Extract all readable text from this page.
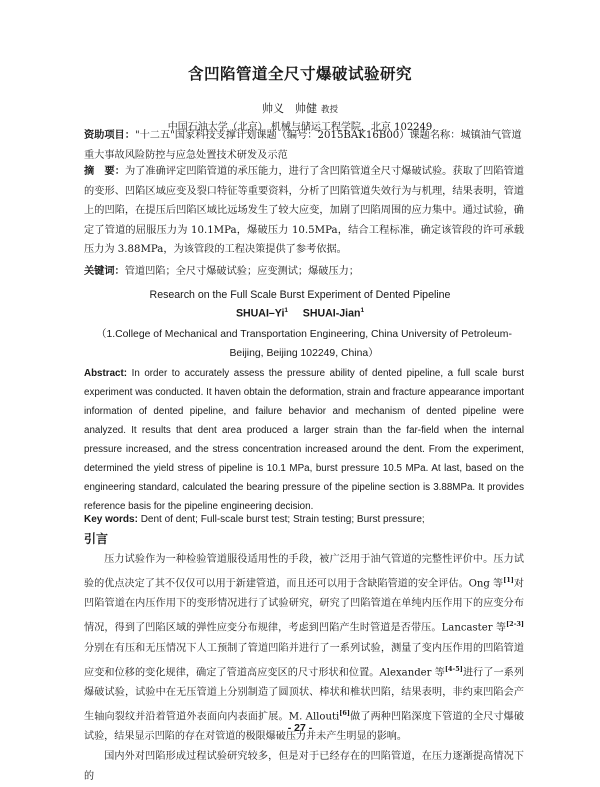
含凹陷管道全尺寸爆破试验研究
帅义　帅健 教授
中国石油大学（北京） 机械与储运工程学院，北京 102249
资助项目："十二五"国家科技支撑计划课题（编号：2015BAK16B00）课题名称：城镇油气管道重大事故风险防控与应急处置技术研发及示范
摘　要：为了准确评定凹陷管道的承压能力，进行了含凹陷管道全尺寸爆破试验。获取了凹陷管道的变形、凹陷区域应变及裂口特征等重要资料，分析了凹陷管道失效行为与机理，结果表明，管道上的凹陷，在提压后凹陷区域比远场发生了较大应变，加剧了凹陷周围的应力集中。通过试验，确定了管道的屈服压力为 10.1MPa，爆破压力 10.5MPa，结合工程标准，确定该管段的许可承载压力为 3.88MPa，为该管段的工程决策提供了参考依据。
关键词：管道凹陷；全尺寸爆破试验；应变测试；爆破压力；
Research on the Full Scale Burst Experiment of Dented Pipeline
SHUAI–Yi$^1$ SHUAI-Jian$^1$
（1.College of Mechanical and Transportation Engineering, China University of Petroleum-Beijing, Beijing 102249, China）
Abstract: In order to accurately assess the pressure ability of dented pipeline, a full scale burst experiment was conducted. It haven obtain the deformation, strain and fracture appearance important information of dented pipeline, and failure behavior and mechanism of dented pipeline were analyzed. It results that dent area produced a larger strain than the far-field when the internal pressure increased, and the stress concentration increased around the dent. From the experiment, determined the yield stress of pipeline is 10.1 MPa, burst pressure 10.5 MPa. At last, based on the engineering standard, calculated the bearing pressure of the pipeline section is 3.88MPa. It provides reference basis for the pipeline engineering decision.
Key words: Dent of dent; Full-scale burst test; Strain testing; Burst pressure;
引言

压力试验作为一种检验管道服役适用性的手段，被广泛用于油气管道的完整性评价中。压力试验的优点决定了其不仅仅可以用于新建管道，而且还可以用于含缺陷管道的安全评估。Ong 等[1]对凹陷管道在内压作用下的变形情况进行了试验研究，研究了凹陷管道在单纯内压作用下的应变分布情况，得到了凹陷区域的弹性应变分布规律，考虑到凹陷产生时管道是否带压。Lancaster 等[2-3]分别在有压和无压情况下人工预制了管道凹陷并进行了一系列试验，测量了变内压作用的凹陷管道应变和位移的变化规律，确定了管道高应变区的尺寸形状和位置。Alexander 等[4-5]进行了一系列爆破试验，试验中在无压管道上分别制造了圆顶状、棒状和椎状凹陷，结果表明，非约束凹陷会产生轴向裂纹并沿着管道外表面向内表面扩展。M. Allouti[6]做了两种凹陷深度下管道的全尺寸爆破试验，结果显示凹陷的存在对管道的极限爆破压力并未产生明显的影响。

国内外对凹陷形成过程试验研究较多，但是对于已经存在的凹陷管道，在压力逐渐提高情况下的

- 27 -
